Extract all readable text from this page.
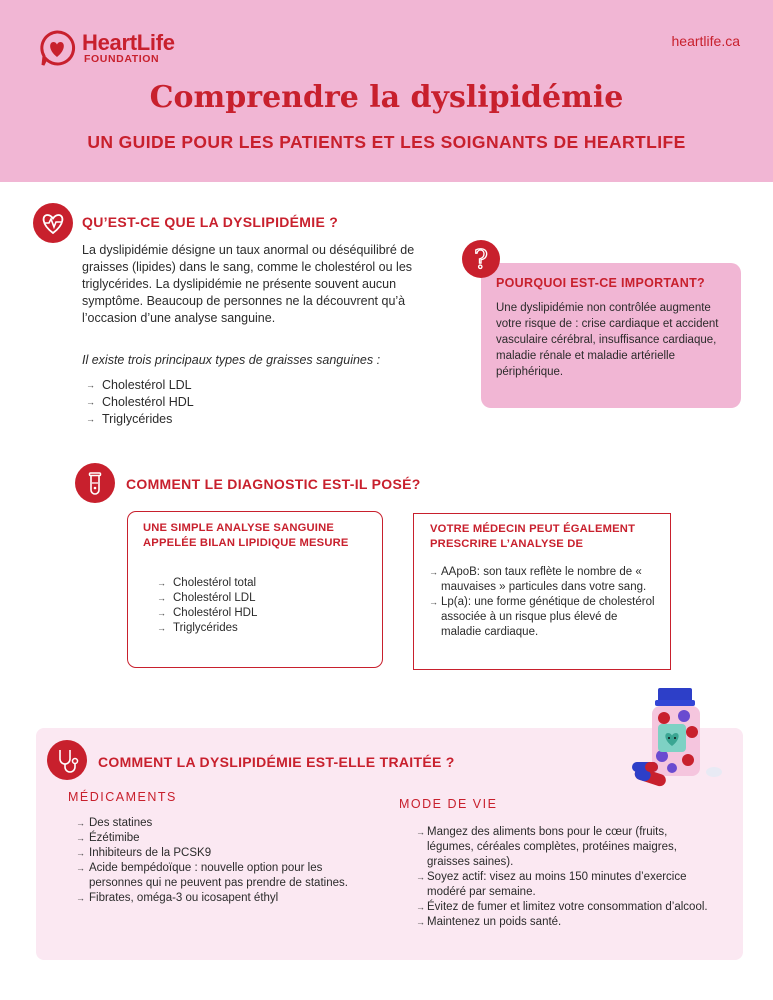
HeartLife
FOUNDATION
heartlife.ca
Comprendre la dyslipidémie
UN GUIDE POUR LES PATIENTS ET LES SOIGNANTS DE HEARTLIFE
QU’EST-CE QUE LA DYSLIPIDÉMIE ?
La dyslipidémie désigne un taux anormal ou déséquilibré de graisses (lipides) dans le sang, comme le cholestérol ou les triglycérides. La dyslipidémie ne présente souvent aucun symptôme. Beaucoup de personnes ne la découvrent qu’à l’occasion d’une analyse sanguine.
Il existe trois principaux types de graisses sanguines :
→ Cholestérol LDL
→ Cholestérol HDL
→ Triglycérides
?
POURQUOI EST-CE IMPORTANT?
Une dyslipidémie non contrôlée augmente votre risque de : crise cardiaque et accident vasculaire cérébral, insuffisance cardiaque, maladie rénale et maladie artérielle périphérique.
COMMENT LE DIAGNOSTIC EST-IL POSÉ?
UNE SIMPLE ANALYSE SANGUINE APPELÉE BILAN LIPIDIQUE MESURE
→ Cholestérol total
→ Cholestérol LDL
→ Cholestérol HDL
→ Triglycérides
VOTRE MÉDECIN PEUT ÉGALEMENT PRESCRIRE L’ANALYSE DE
→ AApoB: son taux reflète le nombre de « mauvaises » particules dans votre sang.
→ Lp(a): une forme génétique de cholestérol associée à un risque plus élevé de maladie cardiaque.
COMMENT LA DYSLIPIDÉMIE EST-ELLE TRAITÉE ?
MÉDICAMENTS
→ Des statines
→ Ézétimibe
→ Inhibiteurs de la PCSK9
→ Acide bempédoïque : nouvelle option pour les personnes qui ne peuvent pas prendre de statines.
→ Fibrates, oméga-3 ou icosapent éthyl
MODE DE VIE
→ Mangez des aliments bons pour le cœur (fruits, légumes, céréales complètes, protéines maigres, graisses saines).
→ Soyez actif: visez au moins 150 minutes d’exercice modéré par semaine.
→ Évitez de fumer et limitez votre consommation d’alcool.
→ Maintenez un poids santé.
